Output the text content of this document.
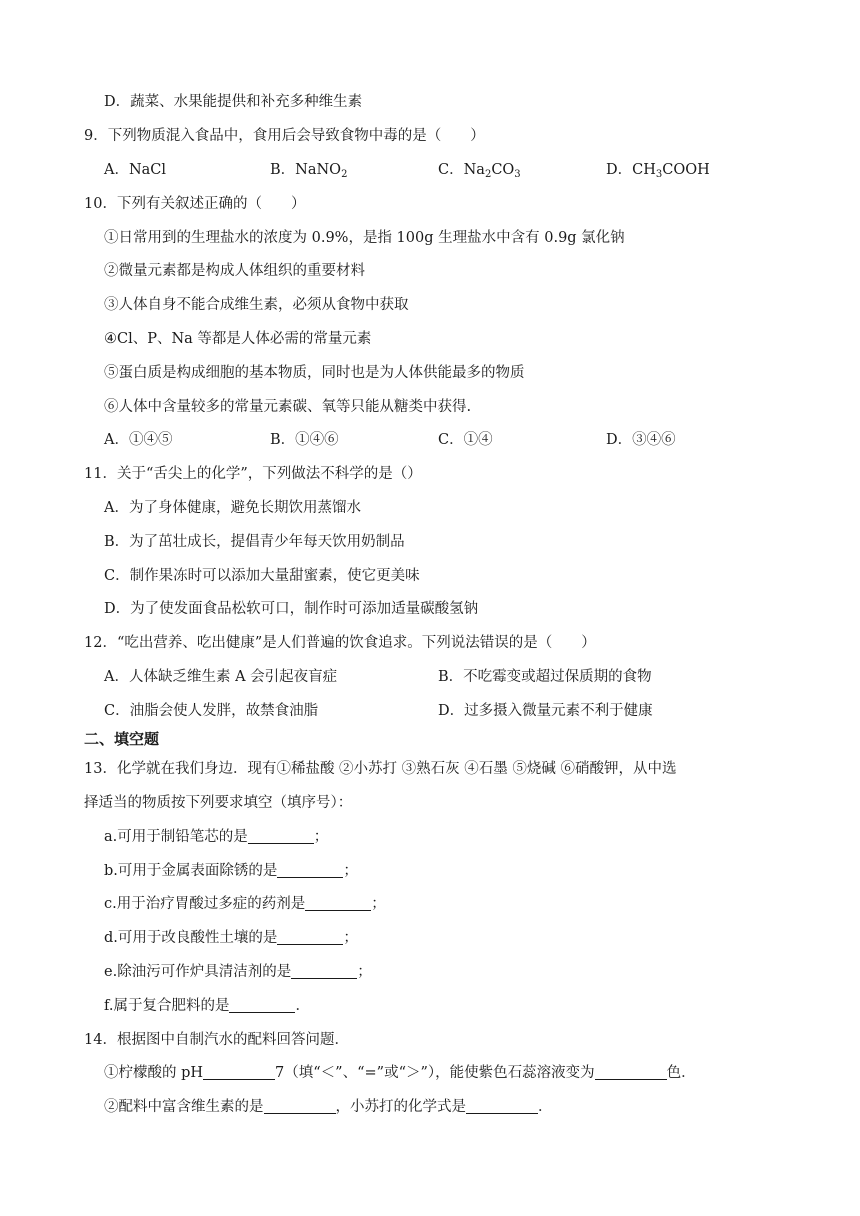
D．蔬菜、水果能提供和补充多种维生素
9．下列物质混入食品中，食用后会导致食物中毒的是（　　）
A．NaCl	B．NaNO$_2$	C．$Na_2CO_3$	D．$CH_3COOH$
10．下列有关叙述正确的（　　）
①日常用到的生理盐水的浓度为 0.9%，是指 100g 生理盐水中含有 0.9g 氯化钠
②微量元素都是构成人体组织的重要材料
③人体自身不能合成维生素，必须从食物中获取
④Cl、P、Na 等都是人体必需的常量元素
⑤蛋白质是构成细胞的基本物质，同时也是为人体供能最多的物质
⑥人体中含量较多的常量元素碳、氧等只能从糖类中获得.
A．①④⑤	B．①④⑥	C．①④	D．③④⑥
11．关于“舌尖上的化学”，下列做法不科学的是（）
A．为了身体健康，避免长期饮用蒸馏水
B．为了茁壮成长，提倡青少年每天饮用奶制品
C．制作果冻时可以添加大量甜蜜素，使它更美味
D．为了使发面食品松软可口，制作时可添加适量碳酸氢钠
12．“吃出营养、吃出健康”是人们普遍的饮食追求。下列说法错误的是（　　）
A．人体缺乏维生素 A 会引起夜盲症	B．不吃霉变或超过保质期的食物
C．油脂会使人发胖，故禁食油脂	D．过多摄入微量元素不利于健康
二、填空题
13．化学就在我们身边．现有①稀盐酸 ②小苏打 ③熟石灰 ④石墨 ⑤烧碱 ⑥硝酸钾，从中选
择适当的物质按下列要求填空（填序号）：
a.可用于制铅笔芯的是	；
b.可用于金属表面除锈的是	；
c.用于治疗胃酸过多症的药剂是	；
d.可用于改良酸性土壤的是	；
e.除油污可作炉具清洁剂的是	；
f.属于复合肥料的是	．
14．根据图中自制汽水的配料回答问题．
①柠檬酸的 pH	7（填“＜”、“=”或“＞”），能使紫色石蕊溶液变为	色．
②配料中富含维生素的是	，小苏打的化学式是	．
